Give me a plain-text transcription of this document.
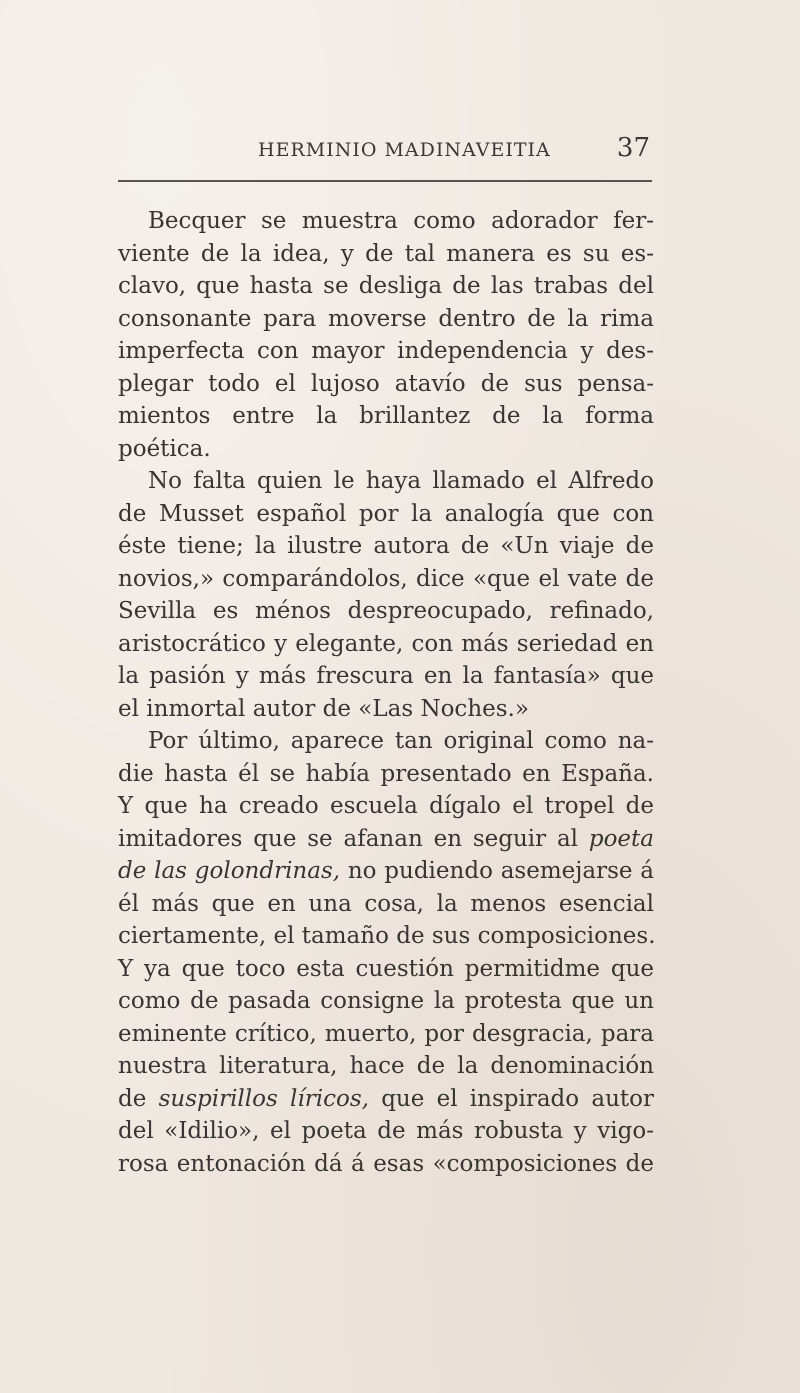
HERMINIO MADINAVEITIA	37
Becquer se muestra como adorador fer-
viente de la idea, y de tal manera es su es-
clavo, que hasta se desliga de las trabas del
consonante para moverse dentro de la rima
imperfecta con mayor independencia y des-
plegar todo el lujoso atavío de sus pensa-
mientos entre la brillantez de la forma
poética.
No falta quien le haya llamado el Alfredo
de Musset español por la analogía que con
éste tiene; la ilustre autora de «Un viaje de
novios,» comparándolos, dice «que el vate de
Sevilla es ménos despreocupado, refinado,
aristocrático y elegante, con más seriedad en
la pasión y más frescura en la fantasía» que
el inmortal autor de «Las Noches.»
Por último, aparece tan original como na-
die hasta él se había presentado en España.
Y que ha creado escuela dígalo el tropel de
imitadores que se afanan en seguir al poeta
de las golondrinas, no pudiendo asemejarse á
él más que en una cosa, la menos esencial
ciertamente, el tamaño de sus composiciones.
Y ya que toco esta cuestión permitidme que
como de pasada consigne la protesta que un
eminente crítico, muerto, por desgracia, para
nuestra literatura, hace de la denominación
de suspirillos líricos, que el inspirado autor
del «Idilio», el poeta de más robusta y vigo-
rosa entonación dá á esas «composiciones de
